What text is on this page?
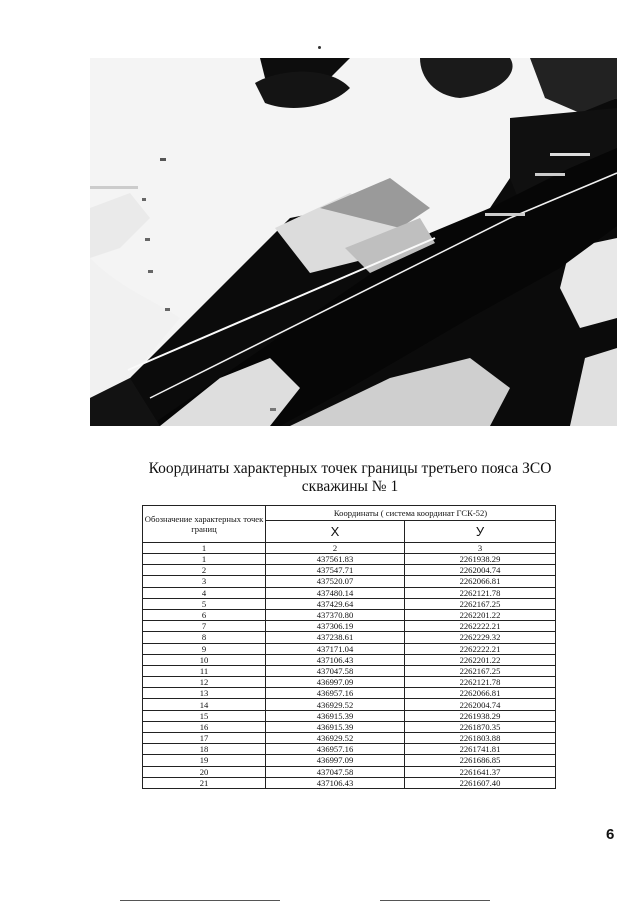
Координаты характерных точек границы третьего пояса ЗСО
скважины № 1
Обозначение характерных точек границ	Координаты ( система координат ГСК-52)	
	X	У
1	2	3
1	437561.83	2261938.29
2	437547.71	2262004.74
3	437520.07	2262066.81
4	437480.14	2262121.78
5	437429.64	2262167.25
6	437370.80	2262201.22
7	437306.19	2262222.21
8	437238.61	2262229.32
9	437171.04	2262222.21
10	437106.43	2262201.22
11	437047.58	2262167.25
12	436997.09	2262121.78
13	436957.16	2262066.81
14	436929.52	2262004.74
15	436915.39	2261938.29
16	436915.39	2261870.35
17	436929.52	2261803.88
18	436957.16	2261741.81
19	436997.09	2261686.85
20	437047.58	2261641.37
21	437106.43	2261607.40
6
